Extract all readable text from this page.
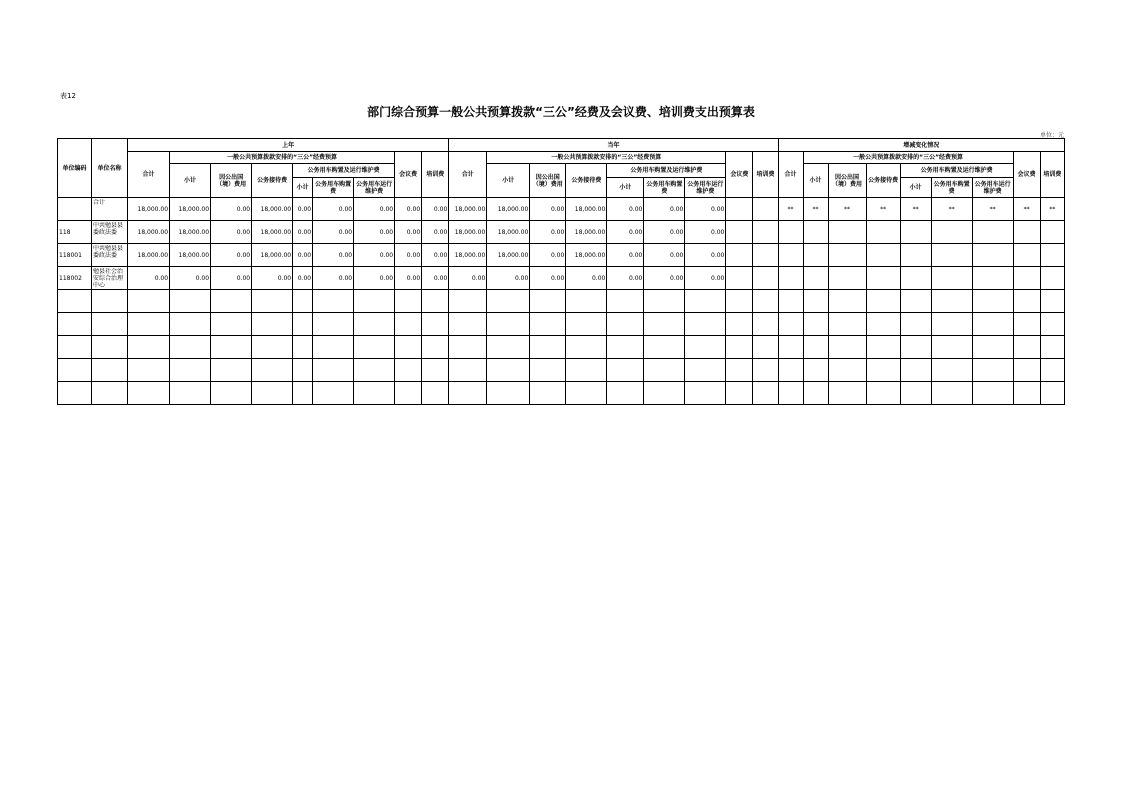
表12
部门综合预算一般公共预算拨款“三公”经费及会议费、培训费支出预算表
单位：元
单位编码	单位名称	上年									当年									增减变化情况								
		合计	一般公共预算拨款安排的“三公”经费预算						会议费	培训费	合计	一般公共预算拨款安排的“三公”经费预算						会议费	培训费	合计	一般公共预算拨款安排的“三公”经费预算						会议费	培训费
			小计	因公出国（境）费用	公务接待费	公务用车购置及运行维护费						小计	因公出国（境）费用	公务接待费	公务用车购置及运行维护费						小计	因公出国（境）费用	公务接待费	公务用车购置及运行维护费				
						小计	公务用车购置费	公务用车运行维护费							小计	公务用车购置费	公务用车运行维护费							小计	公务用车购置费	公务用车运行维护费		

	合计	18,000.00	18,000.00	0.00	18,000.00	0.00	0.00	0.00	0.00	0.00	18,000.00	18,000.00	0.00	18,000.00	0.00	0.00	0.00			**	**	**	**	**	**	**	**	**
118	中共勉县县委政法委	18,000.00	18,000.00	0.00	18,000.00	0.00	0.00	0.00	0.00	0.00	18,000.00	18,000.00	0.00	18,000.00	0.00	0.00	0.00											
118001	中共勉县县委政法委	18,000.00	18,000.00	0.00	18,000.00	0.00	0.00	0.00	0.00	0.00	18,000.00	18,000.00	0.00	18,000.00	0.00	0.00	0.00											
118002	勉县社会治安综合治理中心	0.00	0.00	0.00	0.00	0.00	0.00	0.00	0.00	0.00	0.00	0.00	0.00	0.00	0.00	0.00	0.00											
